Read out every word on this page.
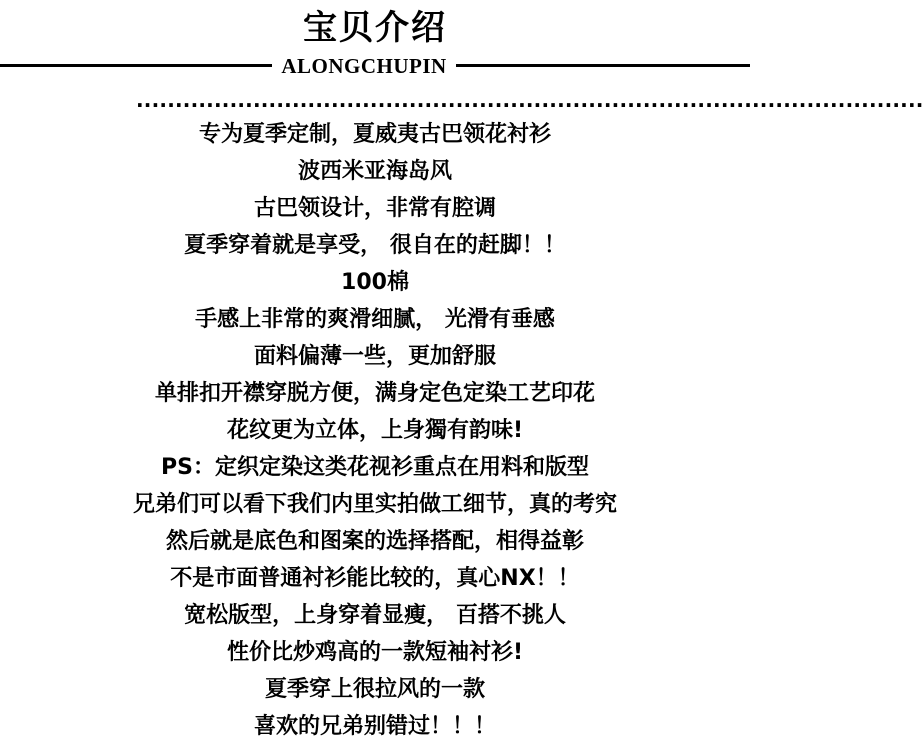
宝贝介绍
ALONGCHUPIN
.....................................................................................................
专为夏季定制，夏威夷古巴领花衬衫
波西米亚海岛风
古巴领设计，非常有腔调
夏季穿着就是享受， 很自在的赶脚！！
100棉
手感上非常的爽滑细腻， 光滑有垂感
面料偏薄一些，更加舒服
单排扣开襟穿脱方便，满身定色定染工艺印花
花纹更为立体，上身獨有韵味!
PS：定织定染这类花视衫重点在用料和版型
兄弟们可以看下我们内里实拍做工细节，真的考究
然后就是底色和图案的选择搭配，相得益彰
不是市面普通衬衫能比较的，真心NX！！
宽松版型，上身穿着显瘦， 百搭不挑人
性价比炒鸡高的一款短袖衬衫!
夏季穿上很拉风的一款
喜欢的兄弟别错过！！！
